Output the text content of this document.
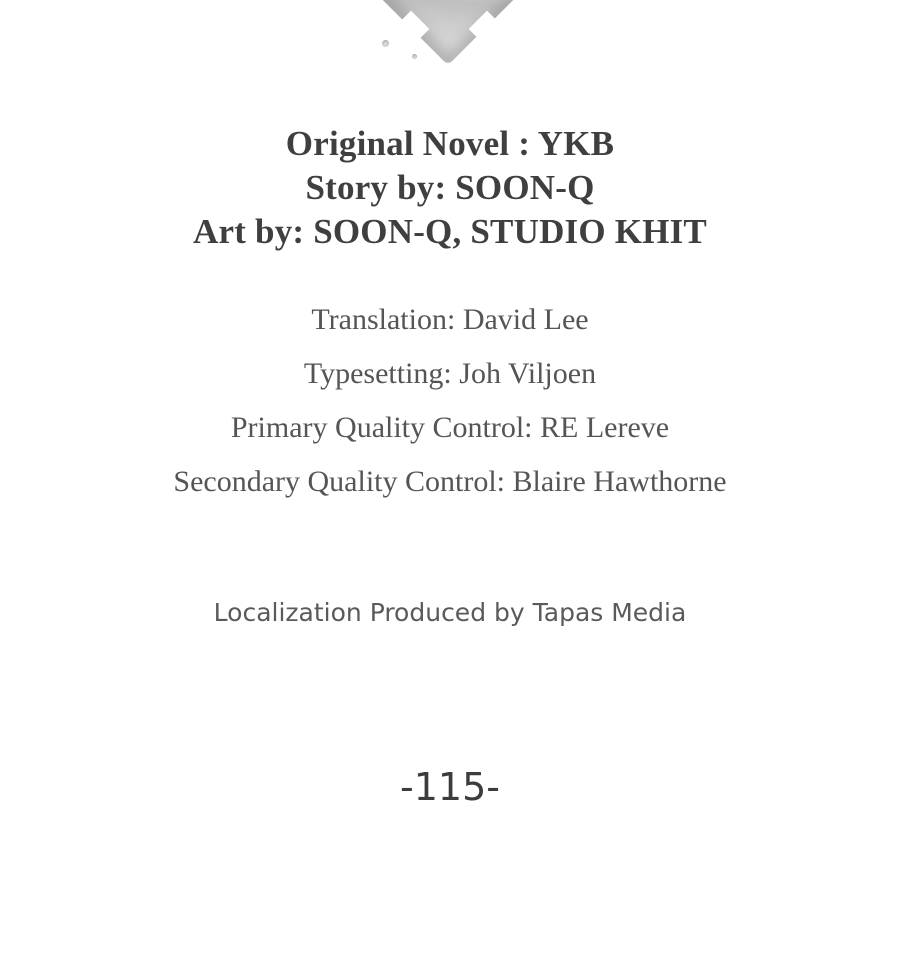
Original Novel : YKB
Story by: SOON-Q
Art by: SOON-Q, STUDIO KHIT
Translation: David Lee
Typesetting: Joh Viljoen
Primary Quality Control: RE Lereve
Secondary Quality Control: Blaire Hawthorne
Localization Produced by Tapas Media
-115-
